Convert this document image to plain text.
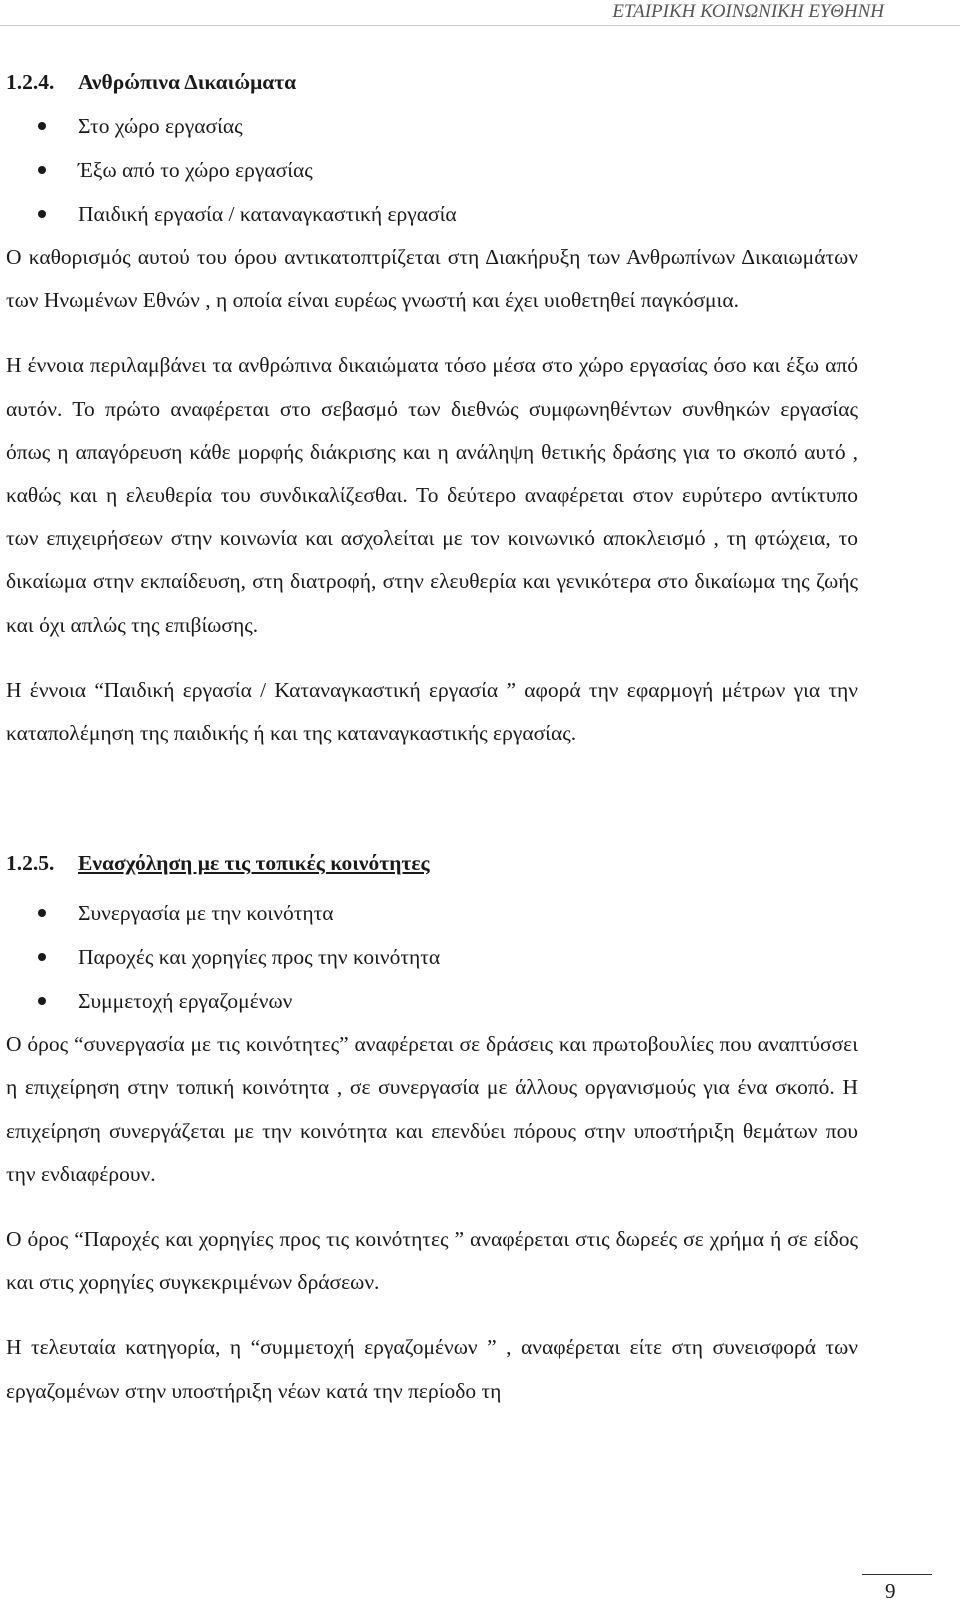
ΕΤΑΙΡΙΚΗ ΚΟΙΝΩΝΙΚΗ ΕΥΘΗΝΗ
1.2.4. Ανθρώπινα Δικαιώματα
Στο χώρο εργασίας
Έξω από το χώρο εργασίας
Παιδική εργασία / καταναγκαστική εργασία

Ο καθορισμός αυτού του όρου αντικατοπτρίζεται στη Διακήρυξη των Ανθρωπίνων Δικαιωμάτων των Ηνωμένων Εθνών , η οποία είναι ευρέως γνωστή και έχει υιοθετηθεί παγκόσμια.

Η έννοια περιλαμβάνει τα ανθρώπινα δικαιώματα τόσο μέσα στο χώρο εργασίας όσο και έξω από αυτόν. Το πρώτο αναφέρεται στο σεβασμό των διεθνώς συμφωνηθέντων συνθηκών εργασίας όπως η απαγόρευση κάθε μορφής διάκρισης και η ανάληψη θετικής δράσης για το σκοπό αυτό , καθώς και η ελευθερία του συνδικαλίζεσθαι. Το δεύτερο αναφέρεται στον ευρύτερο αντίκτυπο των επιχειρήσεων στην κοινωνία και ασχολείται με τον κοινωνικό αποκλεισμό , τη φτώχεια, το δικαίωμα στην εκπαίδευση, στη διατροφή, στην ελευθερία και γενικότερα στο δικαίωμα της ζωής και όχι απλώς της επιβίωσης.

Η έννοια “Παιδική εργασία / Καταναγκαστική εργασία ” αφορά την εφαρμογή μέτρων για την καταπολέμηση της παιδικής ή και της καταναγκαστικής εργασίας.

1.2.5. Ενασχόληση με τις τοπικές κοινότητες
Συνεργασία με την κοινότητα
Παροχές και χορηγίες προς την κοινότητα
Συμμετοχή εργαζομένων

Ο όρος “συνεργασία με τις κοινότητες” αναφέρεται σε δράσεις και πρωτοβουλίες που αναπτύσσει η επιχείρηση στην τοπική κοινότητα , σε συνεργασία με άλλους οργανισμούς για ένα σκοπό. Η επιχείρηση συνεργάζεται με την κοινότητα και επενδύει πόρους στην υποστήριξη θεμάτων που την ενδιαφέρουν.

Ο όρος “Παροχές και χορηγίες προς τις κοινότητες ” αναφέρεται στις δωρεές σε χρήμα ή σε είδος και στις χορηγίες συγκεκριμένων δράσεων.

Η τελευταία κατηγορία, η “συμμετοχή εργαζομένων ” , αναφέρεται είτε στη συνεισφορά των εργαζομένων στην υποστήριξη νέων κατά την περίοδο τη

9
